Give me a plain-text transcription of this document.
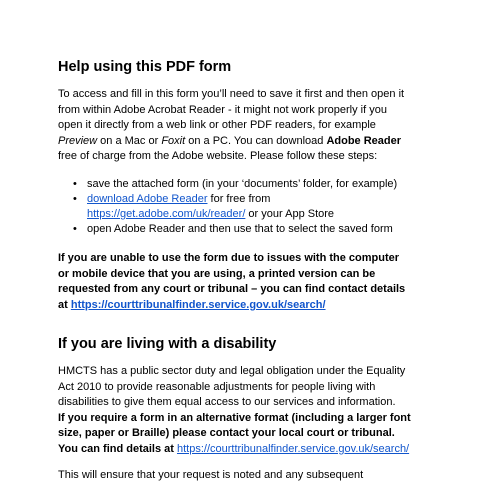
Help using this PDF form
To access and fill in this form you’ll need to save it first and then open it
from within Adobe Acrobat Reader - it might not work properly if you
open it directly from a web link or other PDF readers, for example
Preview on a Mac or Foxit on a PC. You can download Adobe Reader
free of charge from the Adobe website. Please follow these steps:
• save the attached form (in your ‘documents’ folder, for example)
• download Adobe Reader for free from
https://get.adobe.com/uk/reader/ or your App Store
• open Adobe Reader and then use that to select the saved form
If you are unable to use the form due to issues with the computer
or mobile device that you are using, a printed version can be
requested from any court or tribunal – you can find contact details
at https://courttribunalfinder.service.gov.uk/search/
If you are living with a disability
HMCTS has a public sector duty and legal obligation under the Equality
Act 2010 to provide reasonable adjustments for people living with
disabilities to give them equal access to our services and information.
If you require a form in an alternative format (including a larger font
size, paper or Braille) please contact your local court or tribunal.
You can find details at https://courttribunalfinder.service.gov.uk/search/
This will ensure that your request is noted and any subsequent
